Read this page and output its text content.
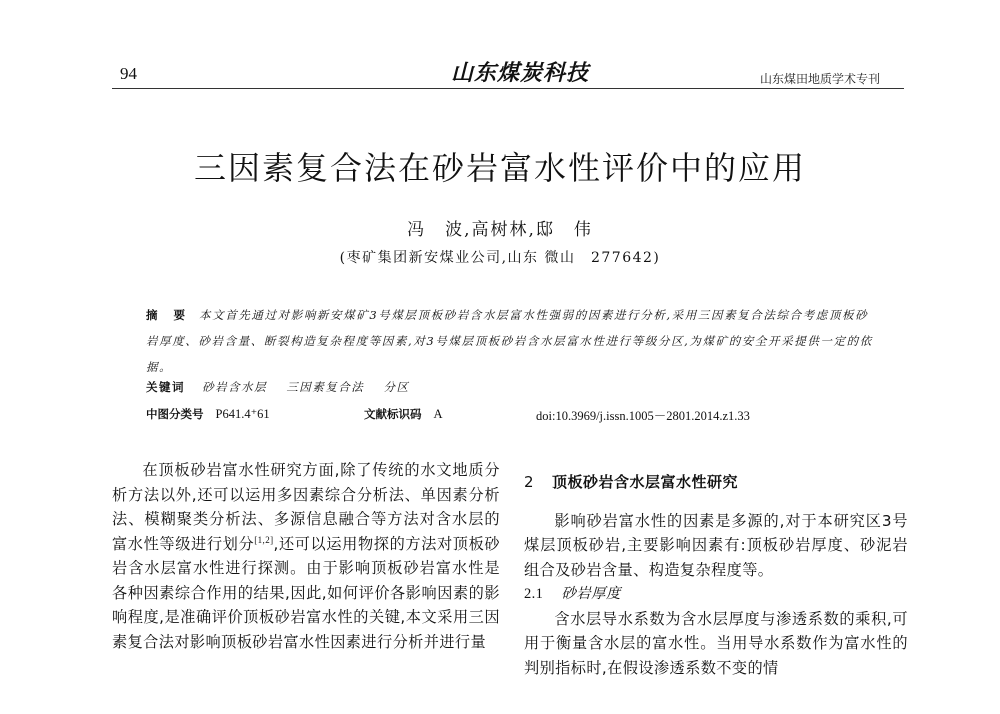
94	山东煤炭科技	山东煤田地质学术专刊
三因素复合法在砂岩富水性评价中的应用
冯　波,高树林,邸　伟
(枣矿集团新安煤业公司,山东 微山　277642)
摘 要 本文首先通过对影响新安煤矿3号煤层顶板砂岩含水层富水性强弱的因素进行分析,采用三因素复合法综合考虑顶板砂岩厚度、砂岩含量、断裂构造复杂程度等因素,对3号煤层顶板砂岩含水层富水性进行等级分区,为煤矿的安全开采提供一定的依据。
关键词 砂岩含水层 三因素复合法 分区
中图分类号 P641.4⁺61	文献标识码 A	doi:10.3969/j.issn.1005－2801.2014.z1.33

在顶板砂岩富水性研究方面,除了传统的水文地质分析方法以外,还可以运用多因素综合分析法、单因素分析法、模糊聚类分析法、多源信息融合等方法对含水层的富水性等级进行划分[1,2],还可以运用物探的方法对顶板砂岩含水层富水性进行探测。由于影响顶板砂岩富水性是各种因素综合作用的结果,因此,如何评价各影响因素的影响程度,是准确评价顶板砂岩富水性的关键,本文采用三因素复合法对影响顶板砂岩富水性因素进行分析并进行量

2 顶板砂岩含水层富水性研究

影响砂岩富水性的因素是多源的,对于本研究区3号煤层顶板砂岩,主要影响因素有:顶板砂岩厚度、砂泥岩组合及砂岩含量、构造复杂程度等。

2.1 砂岩厚度

含水层导水系数为含水层厚度与渗透系数的乘积,可用于衡量含水层的富水性。当用导水系数作为富水性的判别指标时,在假设渗透系数不变的情
